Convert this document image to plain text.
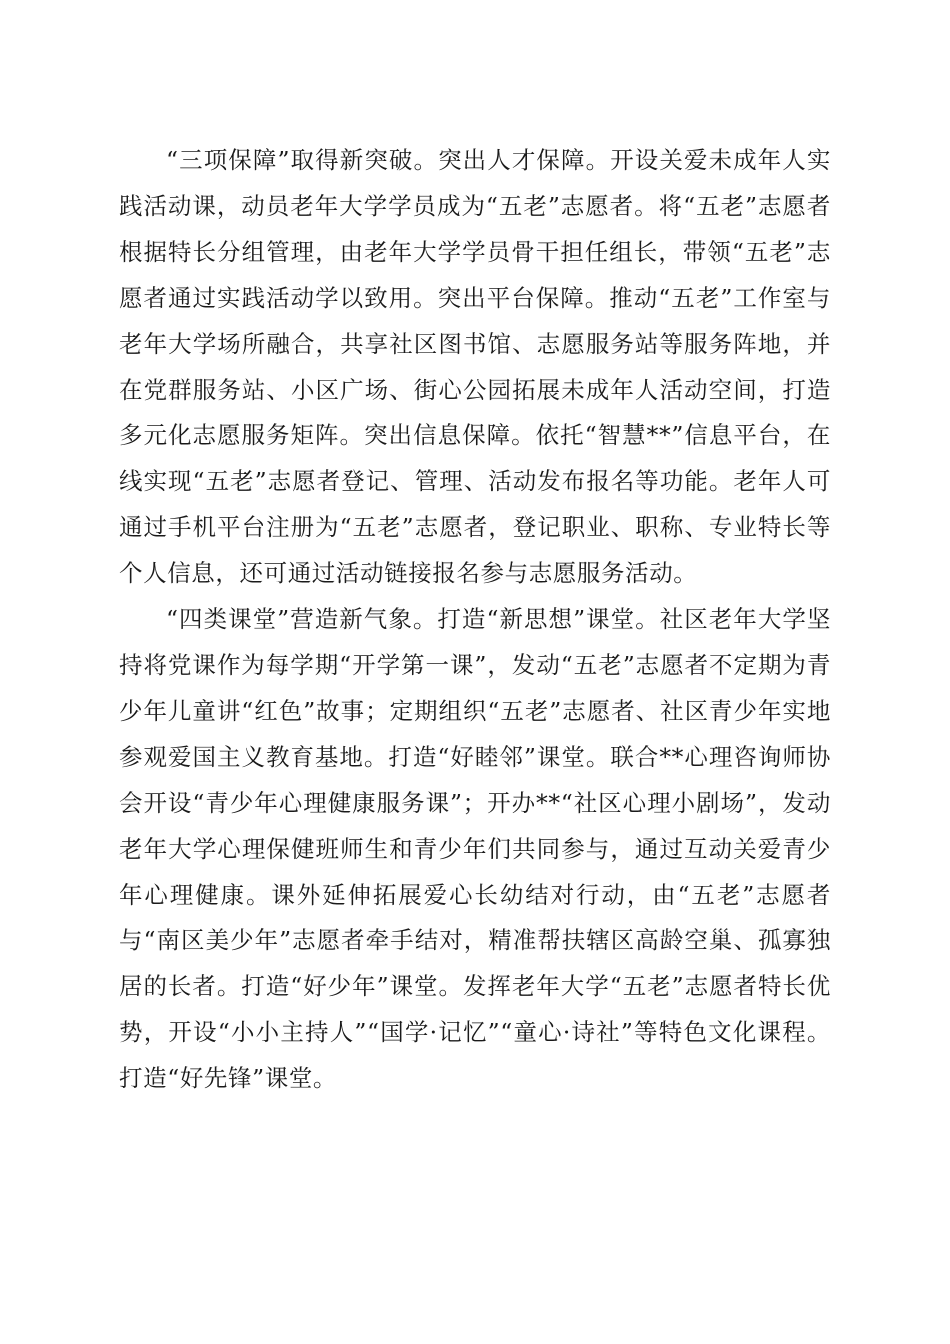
“三项保障”取得新突破。突出人才保障。开设关爱未成年人实践活动课，动员老年大学学员成为“五老”志愿者。将“五老”志愿者根据特长分组管理，由老年大学学员骨干担任组长，带领“五老”志愿者通过实践活动学以致用。突出平台保障。推动“五老”工作室与老年大学场所融合，共享社区图书馆、志愿服务站等服务阵地，并在党群服务站、小区广场、街心公园拓展未成年人活动空间，打造多元化志愿服务矩阵。突出信息保障。依托“智慧**”信息平台，在线实现“五老”志愿者登记、管理、活动发布报名等功能。老年人可通过手机平台注册为“五老”志愿者，登记职业、职称、专业特长等个人信息，还可通过活动链接报名参与志愿服务活动。

“四类课堂”营造新气象。打造“新思想”课堂。社区老年大学坚持将党课作为每学期“开学第一课”，发动“五老”志愿者不定期为青少年儿童讲“红色”故事；定期组织“五老”志愿者、社区青少年实地参观爱国主义教育基地。打造“好睦邻”课堂。联合**心理咨询师协会开设“青少年心理健康服务课”；开办**“社区心理小剧场”，发动老年大学心理保健班师生和青少年们共同参与，通过互动关爱青少年心理健康。课外延伸拓展爱心长幼结对行动，由“五老”志愿者与“南区美少年”志愿者牵手结对，精准帮扶辖区高龄空巢、孤寡独居的长者。打造“好少年”课堂。发挥老年大学“五老”志愿者特长优势，开设“小小主持人”“国学·记忆”“童心·诗社”等特色文化课程。打造“好先锋”课堂。
